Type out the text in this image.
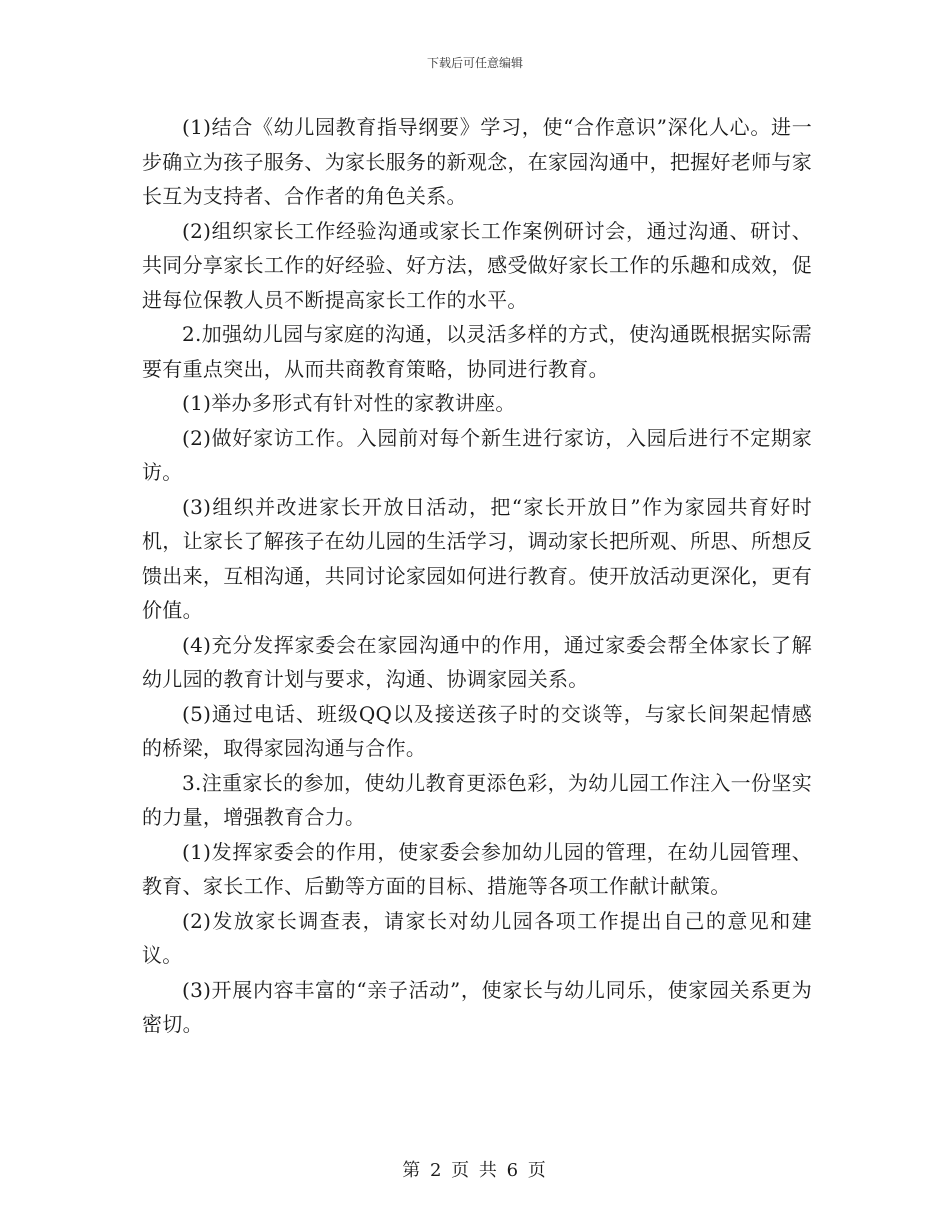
下载后可任意编辑

(1)结合《幼儿园教育指导纲要》学习，使“合作意识”深化人心。进一步确立为孩子服务、为家长服务的新观念，在家园沟通中，把握好老师与家长互为支持者、合作者的角色关系。

(2)组织家长工作经验沟通或家长工作案例研讨会，通过沟通、研讨、共同分享家长工作的好经验、好方法，感受做好家长工作的乐趣和成效，促进每位保教人员不断提高家长工作的水平。

2.加强幼儿园与家庭的沟通，以灵活多样的方式，使沟通既根据实际需要有重点突出，从而共商教育策略，协同进行教育。

(1)举办多形式有针对性的家教讲座。

(2)做好家访工作。入园前对每个新生进行家访，入园后进行不定期家访。

(3)组织并改进家长开放日活动，把“家长开放日”作为家园共育好时机，让家长了解孩子在幼儿园的生活学习，调动家长把所观、所思、所想反馈出来，互相沟通，共同讨论家园如何进行教育。使开放活动更深化，更有价值。

(4)充分发挥家委会在家园沟通中的作用，通过家委会帮全体家长了解幼儿园的教育计划与要求，沟通、协调家园关系。

(5)通过电话、班级QQ以及接送孩子时的交谈等，与家长间架起情感的桥梁，取得家园沟通与合作。

3.注重家长的参加，使幼儿教育更添色彩，为幼儿园工作注入一份坚实的力量，增强教育合力。

(1)发挥家委会的作用，使家委会参加幼儿园的管理，在幼儿园管理、教育、家长工作、后勤等方面的目标、措施等各项工作献计献策。

(2)发放家长调查表，请家长对幼儿园各项工作提出自己的意见和建议。

(3)开展内容丰富的“亲子活动”，使家长与幼儿同乐，使家园关系更为密切。

第 2 页 共 6 页
